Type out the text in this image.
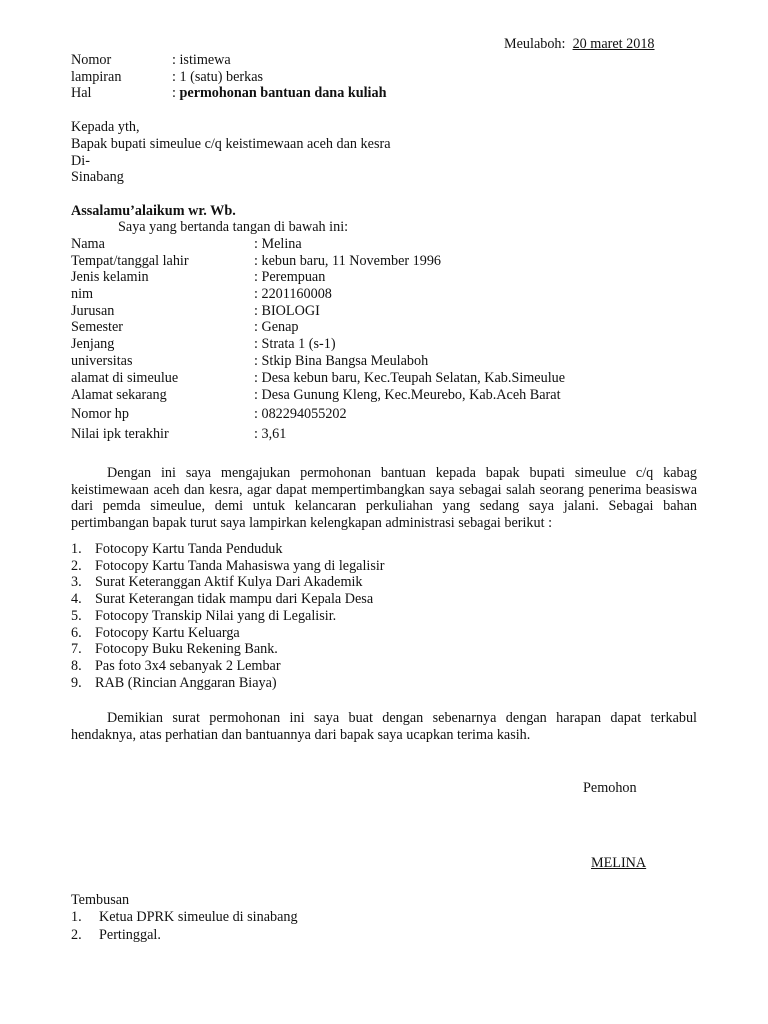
Meulaboh: 20 maret 2018
Nomor	: istimewa
lampiran	: 1 (satu) berkas
Hal	: permohonan bantuan dana kuliah
Kepada yth,
Bapak bupati simeulue c/q keistimewaan aceh dan kesra
Di-
Sinabang
Assalamu’alaikum wr. Wb.
Saya yang bertanda tangan di bawah ini:
Nama	: Melina
Tempat/tanggal lahir	: kebun baru, 11 November 1996
Jenis kelamin	: Perempuan
nim	: 2201160008
Jurusan	: BIOLOGI
Semester	: Genap
Jenjang	: Strata 1 (s-1)
universitas	: Stkip Bina Bangsa Meulaboh
alamat di simeulue	: Desa kebun baru, Kec.Teupah Selatan, Kab.Simeulue
Alamat sekarang	: Desa Gunung Kleng, Kec.Meurebo, Kab.Aceh Barat
Nomor hp	: 082294055202
Nilai ipk terakhir	: 3,61
Dengan ini saya mengajukan permohonan bantuan kepada bapak bupati simeulue c/q kabag keistimewaan aceh dan kesra, agar dapat mempertimbangkan saya sebagai salah seorang penerima beasiswa dari pemda simeulue, demi untuk kelancaran perkuliahan yang sedang saya jalani. Sebagai bahan pertimbangan bapak turut saya lampirkan kelengkapan administrasi sebagai berikut :
1. Fotocopy Kartu Tanda Penduduk
2. Fotocopy Kartu Tanda Mahasiswa yang di legalisir
3. Surat Keteranggan Aktif Kulya Dari Akademik
4. Surat Keterangan tidak mampu dari Kepala Desa
5. Fotocopy Transkip Nilai yang di Legalisir.
6. Fotocopy Kartu Keluarga
7. Fotocopy Buku Rekening Bank.
8. Pas foto 3x4 sebanyak 2 Lembar
9. RAB (Rincian Anggaran Biaya)
Demikian surat permohonan ini saya buat dengan sebenarnya dengan harapan dapat terkabul hendaknya, atas perhatian dan bantuannya dari bapak saya ucapkan terima kasih.
Pemohon
MELINA
Tembusan
1. Ketua DPRK simeulue di sinabang
2. Pertinggal.
